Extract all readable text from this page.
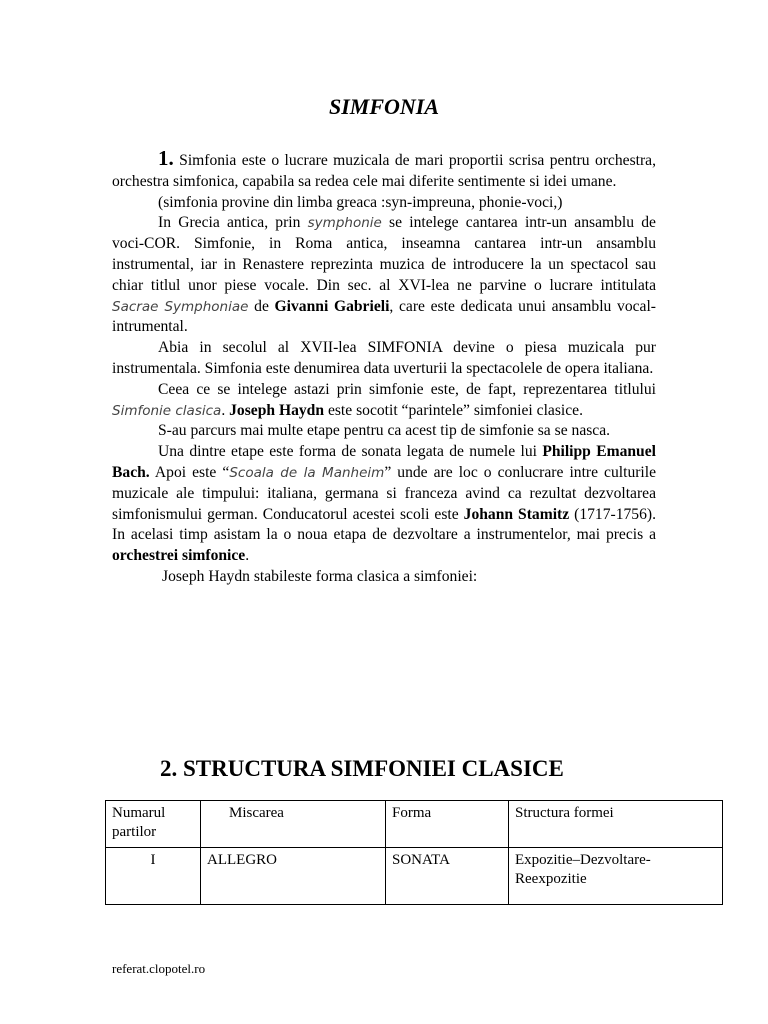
SIMFONIA

1. Simfonia este o lucrare muzicala de mari proportii scrisa pentru orchestra, orchestra simfonica, capabila sa redea cele mai diferite sentimente si idei umane.

(simfonia provine din limba greaca :syn-impreuna, phonie-voci,)

In Grecia antica, prin symphonie se intelege cantarea intr-un ansamblu de voci-COR. Simfonie, in Roma antica, inseamna cantarea intr-un ansamblu instrumental, iar in Renastere reprezinta muzica de introducere la un spectacol sau chiar titlul unor piese vocale. Din sec. al XVI-lea ne parvine o lucrare intitulata Sacrae Symphoniae de Givanni Gabrieli, care este dedicata unui ansamblu vocal-intrumental.

Abia in secolul al XVII-lea SIMFONIA devine o piesa muzicala pur instrumentala. Simfonia este denumirea data uverturii la spectacolele de opera italiana.

Ceea ce se intelege astazi prin simfonie este, de fapt, reprezentarea titlului Simfonie clasica. Joseph Haydn este socotit “parintele” simfoniei clasice.

S-au parcurs mai multe etape pentru ca acest tip de simfonie sa se nasca.

Una dintre etape este forma de sonata legata de numele lui Philipp Emanuel Bach. Apoi este “Scoala de la Manheim” unde are loc o conlucrare intre culturile muzicale ale timpului: italiana, germana si franceza avind ca rezultat dezvoltarea simfonismului german. Conducatorul acestei scoli este Johann Stamitz (1717-1756). In acelasi timp asistam la o noua etapa de dezvoltare a instrumentelor, mai precis a orchestrei simfonice.

Joseph Haydn stabileste forma clasica a simfoniei:

2. STRUCTURA SIMFONIEI CLASICE
Numarul partilor	Miscarea	Forma	Structura formei
I	ALLEGRO	SONATA	Expozitie–Dezvoltare-Reexpozitie
referat.clopotel.ro
